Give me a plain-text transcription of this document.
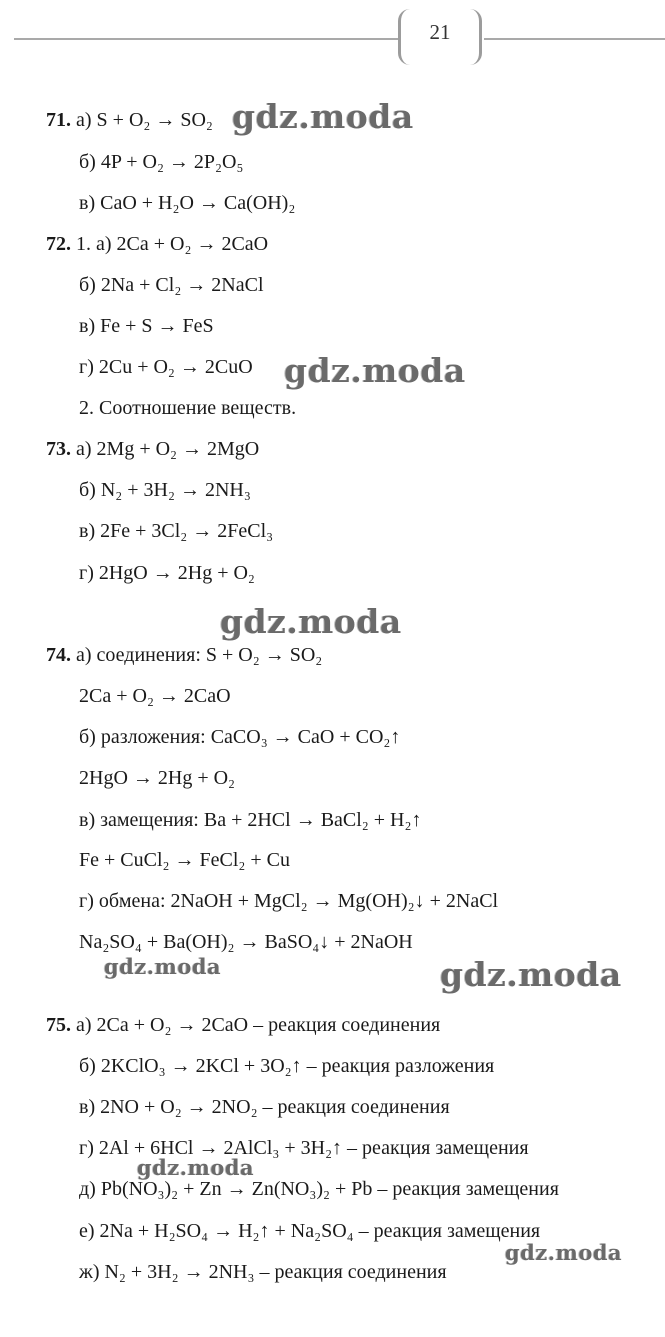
21
71. а) S + O₂ → SO₂
б) 4P + O₂ → 2P₂O₅
в) CaO + H₂O → Ca(OH)₂
72. 1. а) 2Ca + O₂ → 2CaO
б) 2Na + Cl₂ → 2NaCl
в) Fe + S → FeS
г) 2Cu + O₂ → 2CuO
2. Соотношение веществ.
73. а) 2Mg + O₂ → 2MgO
б) N₂ + 3H₂ → 2NH₃
в) 2Fe + 3Cl₂ → 2FeCl₃
г) 2HgO → 2Hg + O₂
74. а) соединения: S + O₂ → SO₂
2Ca + O₂ → 2CaO
б) разложения: CaCO₃ → CaO + CO₂↑
2HgO → 2Hg + O₂
в) замещения: Ba + 2HCl → BaCl₂ + H₂↑
Fe + CuCl₂ → FeCl₂ + Cu
г) обмена: 2NaOH + MgCl₂ → Mg(OH)₂↓ + 2NaCl
Na₂SO₄ + Ba(OH)₂ → BaSO₄↓ + 2NaOH
75. а) 2Ca + O₂ → 2CaO – реакция соединения
б) 2KClO₃ → 2KCl + 3O₂↑ – реакция разложения
в) 2NO + O₂ → 2NO₂ – реакция соединения
г) 2Al + 6HCl → 2AlCl₃ + 3H₂↑ – реакция замещения
д) Pb(NO₃)₂ + Zn → Zn(NO₃)₂ + Pb – реакция замещения
е) 2Na + H₂SO₄ → H₂↑ + Na₂SO₄ – реакция замещения
ж) N₂ + 3H₂ → 2NH₃ – реакция соединения
gdz.moda
gdz.moda
gdz.moda
gdz.moda	gdz.moda
gdz.moda
gdz.moda
